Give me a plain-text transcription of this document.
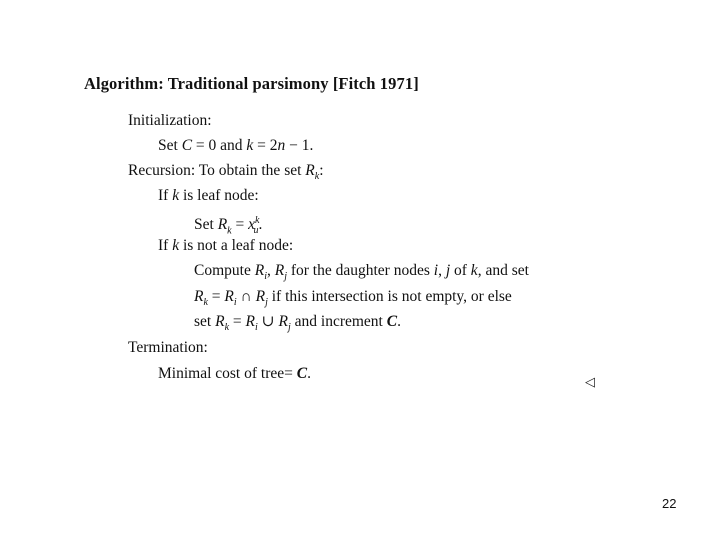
Algorithm: Traditional parsimony [Fitch 1971]
Initialization:
Set C = 0 and k = 2n − 1.
Recursion: To obtain the set $R_k$:
If k is leaf node:
Set $R_k = x^k_u$.
If k is not a leaf node:
Compute $R_i$, $R_j$ for the daughter nodes i, j of k, and set
$R_k = R_i$ ∩ $R_j$ if this intersection is not empty, or else
set $R_k = R_i$ ∪ $R_j$ and increment C.
Termination:
Minimal cost of tree= C.
◁
22
